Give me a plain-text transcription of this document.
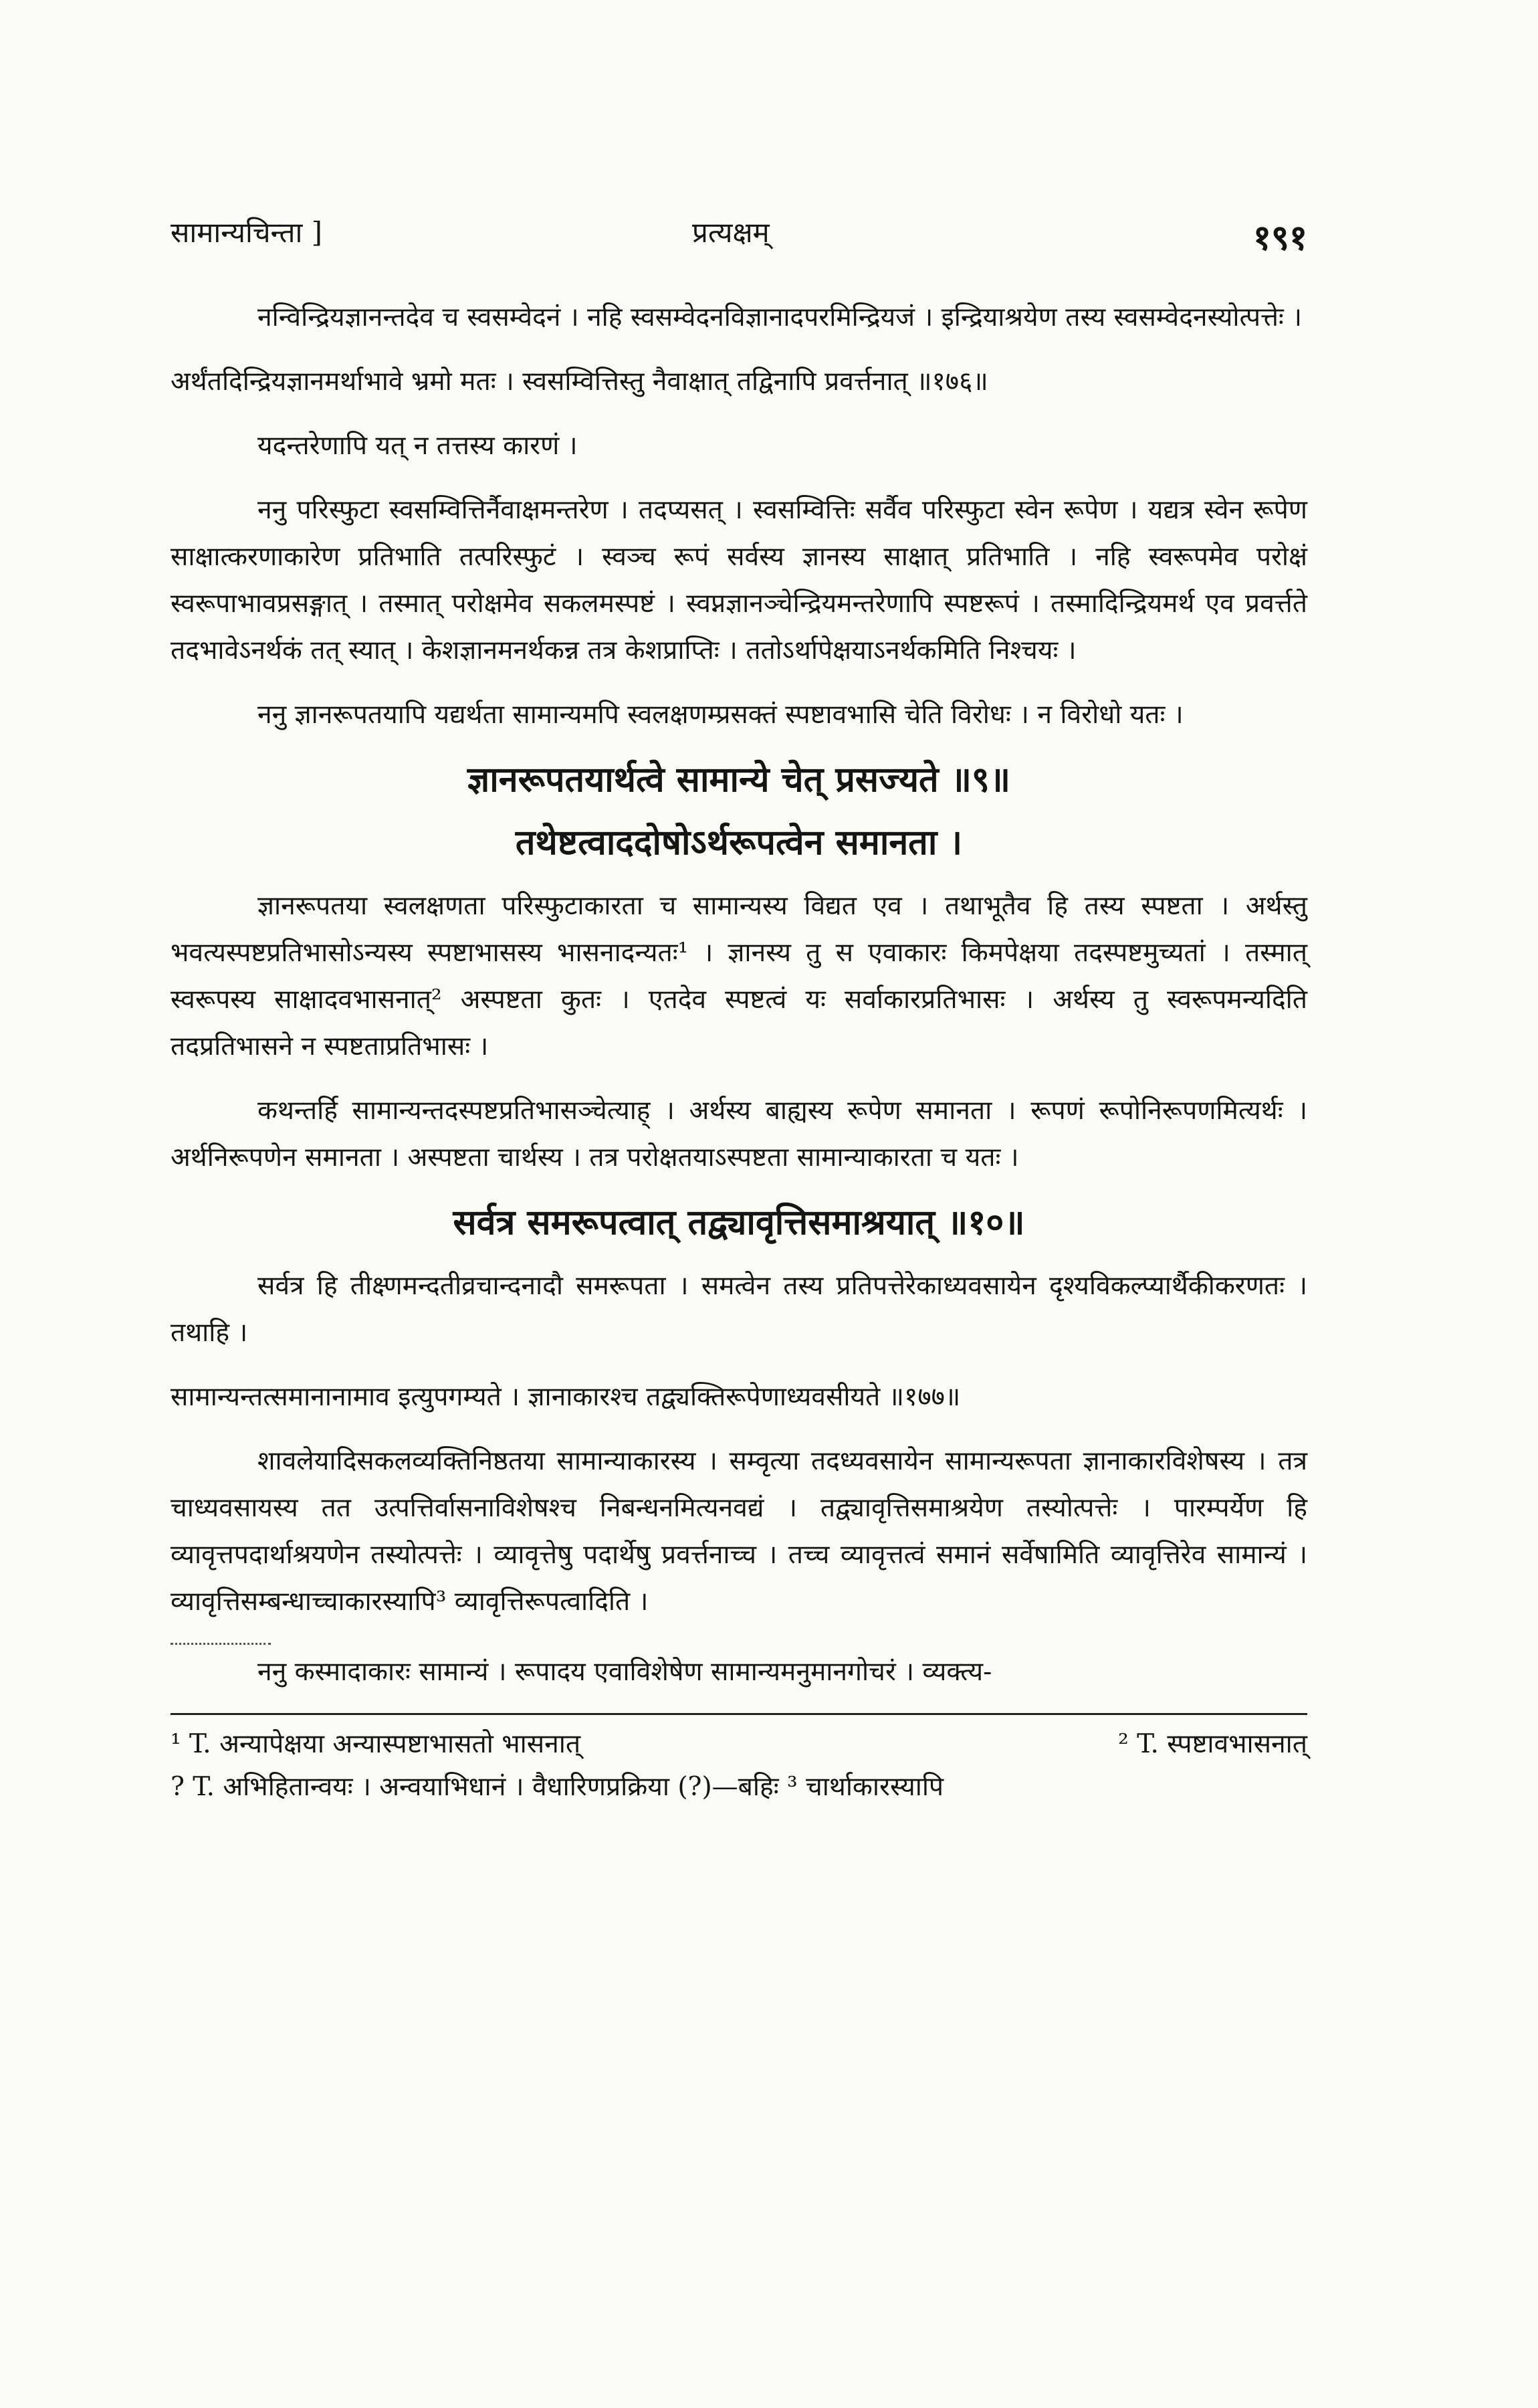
सामान्यचिन्ता ]	प्रत्यक्षम्	१९१

नन्विन्द्रियज्ञानन्तदेव च स्वसम्वेदनं । नहि स्वसम्वेदनविज्ञानादपरमिन्द्रियजं । इन्द्रियाश्रयेण तस्य स्वसम्वेदनस्योत्पत्तेः ।

अर्थंतदिन्द्रियज्ञानमर्थाभावे भ्रमो मतः । स्वसम्वित्तिस्तु नैवाक्षात् तद्विनापि प्रवर्त्तनात् ॥१७६॥

यदन्तरेणापि यत् न तत्तस्य कारणं ।

ननु परिस्फुटा स्वसम्वित्तिर्नैवाक्षमन्तरेण । तदप्यसत् । स्वसम्वित्तिः सर्वैव परिस्फुटा स्वेन रूपेण । यद्यत्र स्वेन रूपेण साक्षात्करणाकारेण प्रतिभाति तत्परिस्फुटं । स्वञ्च रूपं सर्वस्य ज्ञानस्य साक्षात् प्रतिभाति । नहि स्वरूपमेव परोक्षं स्वरूपाभावप्रसङ्गात् । तस्मात् परोक्षमेव सकलमस्पष्टं । स्वप्नज्ञानञ्चेन्द्रियमन्तरेणापि स्पष्टरूपं । तस्मादिन्द्रियमर्थ एव प्रवर्त्तते तदभावेऽनर्थकं तत् स्यात् । केशज्ञानमनर्थकन्न तत्र केशप्राप्तिः । ततोऽर्थापेक्षयाऽनर्थकमिति निश्चयः ।

ननु ज्ञानरूपतयापि यद्यर्थता सामान्यमपि स्वलक्षणम्प्रसक्तं स्पष्टावभासि चेति विरोधः । न विरोधो यतः ।

ज्ञानरूपतयार्थत्वे सामान्ये चेत् प्रसज्यते ॥९॥

तथेष्टत्वाददोषोऽर्थरूपत्वेन समानता ।

ज्ञानरूपतया स्वलक्षणता परिस्फुटाकारता च सामान्यस्य विद्यत एव । तथाभूतैव हि तस्य स्पष्टता । अर्थस्तु भवत्यस्पष्टप्रतिभासोऽन्यस्य स्पष्टाभासस्य भासनादन्यतः¹ । ज्ञानस्य तु स एवाकारः किमपेक्षया तदस्पष्टमुच्यतां । तस्मात् स्वरूपस्य साक्षादवभासनात्² अस्पष्टता कुतः । एतदेव स्पष्टत्वं यः सर्वाकारप्रतिभासः । अर्थस्य तु स्वरूपमन्यदिति तदप्रतिभासने न स्पष्टताप्रतिभासः ।

कथन्तर्हि सामान्यन्तदस्पष्टप्रतिभासञ्चेत्याह् । अर्थस्य बाह्यस्य रूपेण समानता । रूपणं रूपोनिरूपणमित्यर्थः । अर्थनिरूपणेन समानता । अस्पष्टता चार्थस्य । तत्र परोक्षतयाऽस्पष्टता सामान्याकारता च यतः ।

सर्वत्र समरूपत्वात् तद्व्यावृत्तिसमाश्रयात् ॥१०॥

सर्वत्र हि तीक्ष्णमन्दतीव्रचान्दनादौ समरूपता । समत्वेन तस्य प्रतिपत्तेरेकाध्यवसायेन दृश्यविकल्प्यार्थैकीकरणतः । तथाहि ।

सामान्यन्तत्समानानामाव इत्युपगम्यते । ज्ञानाकारश्च तद्व्यक्तिरूपेणाध्यवसीयते ॥१७७॥

शावलेयादिसकलव्यक्तिनिष्ठतया सामान्याकारस्य । सम्वृत्या तदध्यवसायेन सामान्यरूपता ज्ञानाकारविशेषस्य । तत्र चाध्यवसायस्य तत उत्पत्तिर्वासनाविशेषश्च निबन्धनमित्यनवद्यं । तद्व्यावृत्तिसमाश्रयेण तस्योत्पत्तेः । पारम्पर्येण हि व्यावृत्तपदार्थाश्रयणेन तस्योत्पत्तेः । व्यावृत्तेषु पदार्थेषु प्रवर्त्तनाच्च । तच्च व्यावृत्तत्वं समानं सर्वेषामिति व्यावृत्तिरेव सामान्यं । व्यावृत्तिसम्बन्धाच्चाकारस्यापि³ व्यावृत्तिरूपत्वादिति ।

ननु कस्मादाकारः सामान्यं । रूपादय एवाविशेषेण सामान्यमनुमानगोचरं । व्यक्त्य-

¹ T. अन्यापेक्षया अन्यास्पष्टाभासतो भासनात्	² T. स्पष्टावभासनात्

? T. अभिहितान्वयः । अन्वयाभिधानं । वैधारिणप्रक्रिया (?)—बहिः ³ चार्थाकारस्यापि
